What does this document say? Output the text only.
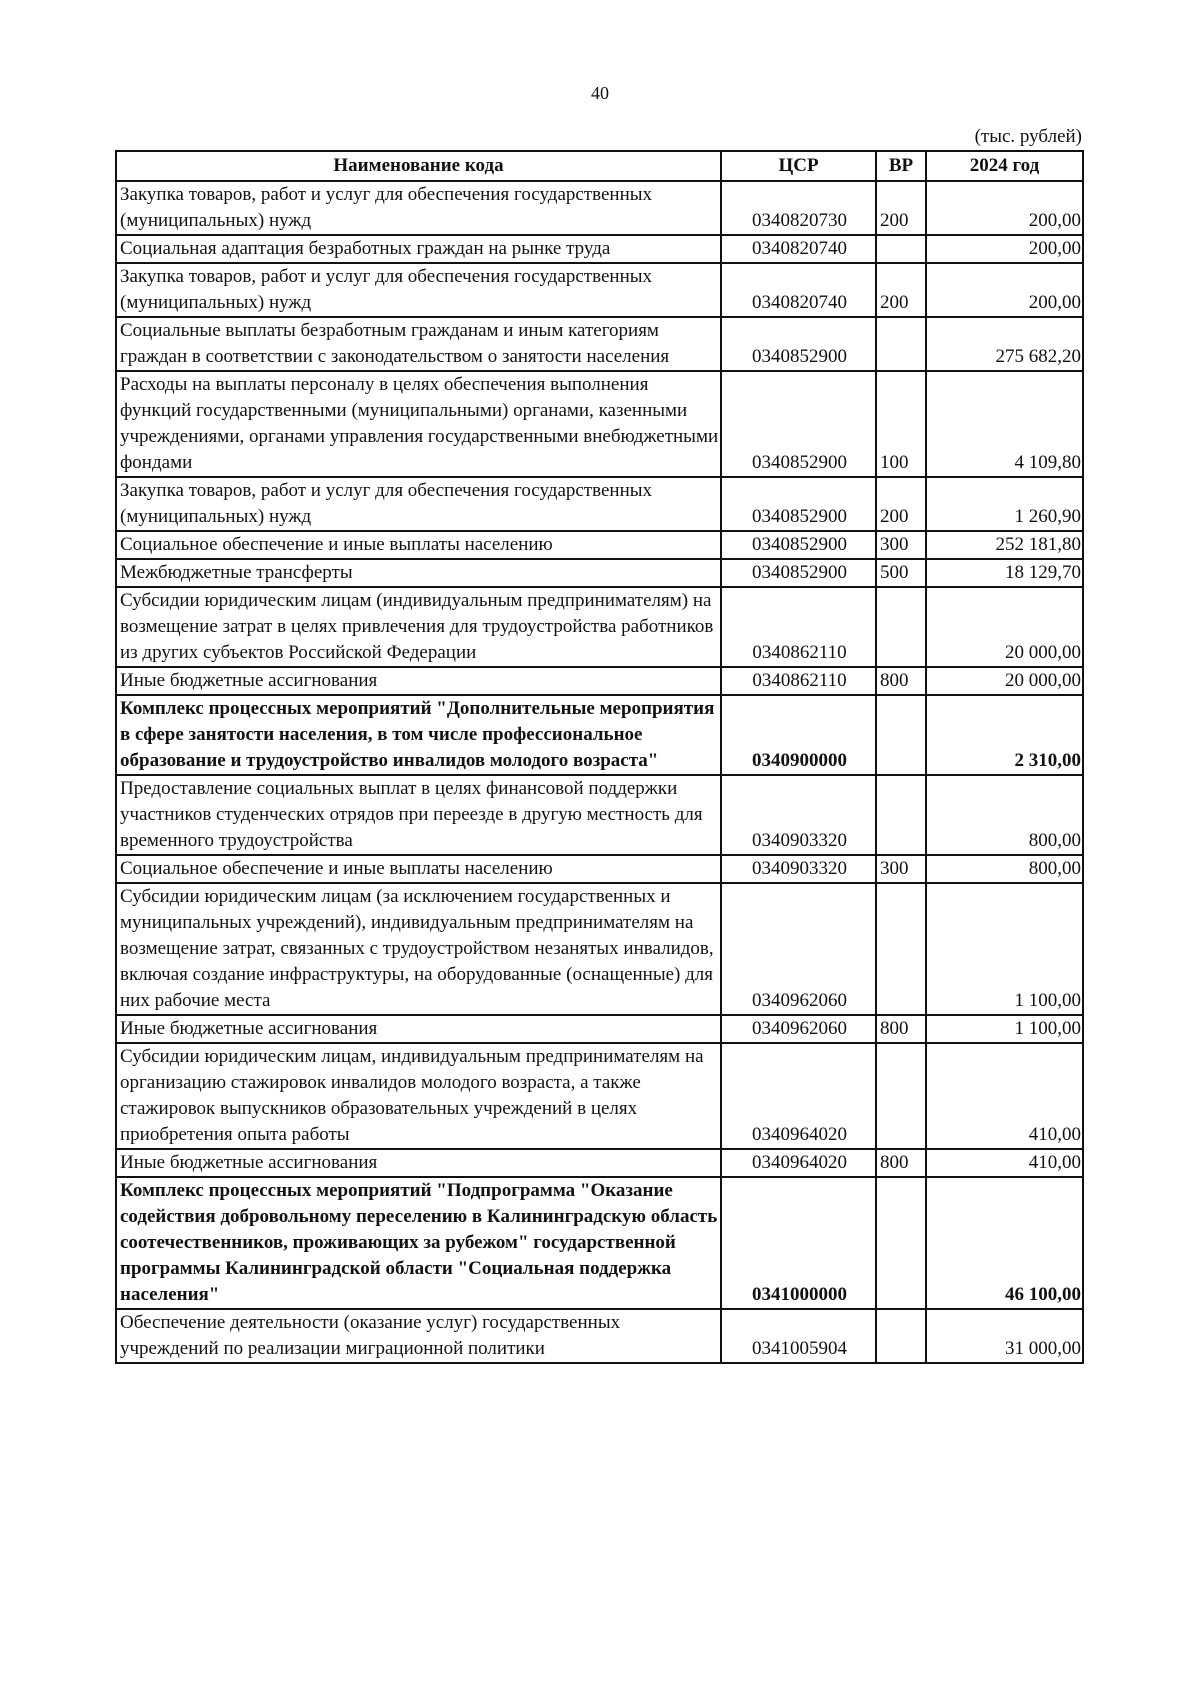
40
(тыс. рублей)
Наименование кода	ЦСР	ВР	2024 год
Закупка товаров, работ и услуг для обеспечения государственных (муниципальных) нужд	0340820730	200	200,00
Социальная адаптация безработных граждан на рынке труда	0340820740		200,00
Закупка товаров, работ и услуг для обеспечения государственных (муниципальных) нужд	0340820740	200	200,00
Социальные выплаты безработным гражданам и иным категориям граждан в соответствии с законодательством о занятости населения	0340852900		275 682,20
Расходы на выплаты персоналу в целях обеспечения выполнения функций государственными (муниципальными) органами, казенными учреждениями, органами управления государственными внебюджетными фондами	0340852900	100	4 109,80
Закупка товаров, работ и услуг для обеспечения государственных (муниципальных) нужд	0340852900	200	1 260,90
Социальное обеспечение и иные выплаты населению	0340852900	300	252 181,80
Межбюджетные трансферты	0340852900	500	18 129,70
Субсидии юридическим лицам (индивидуальным предпринимателям) на возмещение затрат в целях привлечения для трудоустройства работников из других субъектов Российской Федерации	0340862110		20 000,00
Иные бюджетные ассигнования	0340862110	800	20 000,00
Комплекс процессных мероприятий "Дополнительные мероприятия в сфере занятости населения, в том числе профессиональное образование и трудоустройство инвалидов молодого возраста"	0340900000		2 310,00
Предоставление социальных выплат в целях финансовой поддержки участников студенческих отрядов при переезде в другую местность для временного трудоустройства	0340903320		800,00
Социальное обеспечение и иные выплаты населению	0340903320	300	800,00
Субсидии юридическим лицам (за исключением государственных и муниципальных учреждений), индивидуальным предпринимателям на возмещение затрат, связанных с трудоустройством незанятых инвалидов, включая создание инфраструктуры, на оборудованные (оснащенные) для них рабочие места	0340962060		1 100,00
Иные бюджетные ассигнования	0340962060	800	1 100,00
Субсидии юридическим лицам, индивидуальным предпринимателям на организацию стажировок инвалидов молодого возраста, а также стажировок выпускников образовательных учреждений в целях приобретения опыта работы	0340964020		410,00
Иные бюджетные ассигнования	0340964020	800	410,00
Комплекс процессных мероприятий "Подпрограмма "Оказание содействия добровольному переселению в Калининградскую область соотечественников, проживающих за рубежом" государственной программы Калининградской области "Социальная поддержка населения"	0341000000		46 100,00
Обеспечение деятельности (оказание услуг) государственных учреждений по реализации миграционной политики	0341005904		31 000,00
